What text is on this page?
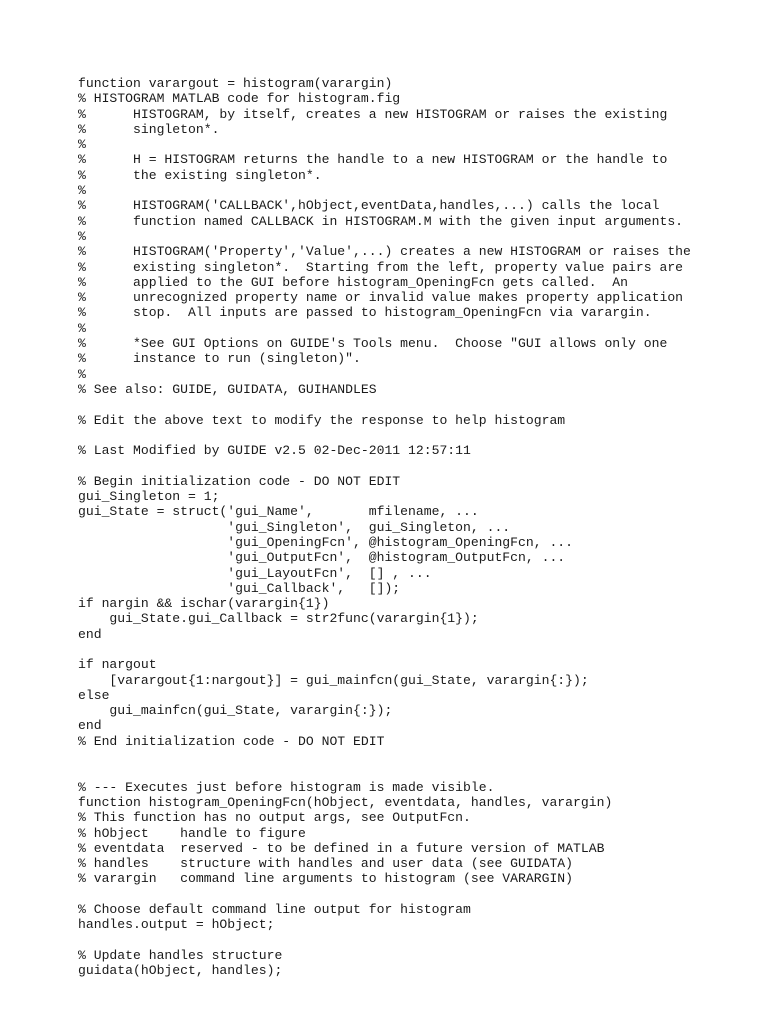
function varargout = histogram(varargin)
% HISTOGRAM MATLAB code for histogram.fig
%      HISTOGRAM, by itself, creates a new HISTOGRAM or raises the existing
%      singleton*.
%
%      H = HISTOGRAM returns the handle to a new HISTOGRAM or the handle to
%      the existing singleton*.
%
%      HISTOGRAM('CALLBACK',hObject,eventData,handles,...) calls the local
%      function named CALLBACK in HISTOGRAM.M with the given input arguments.
%
%      HISTOGRAM('Property','Value',...) creates a new HISTOGRAM or raises the
%      existing singleton*.  Starting from the left, property value pairs are
%      applied to the GUI before histogram_OpeningFcn gets called.  An
%      unrecognized property name or invalid value makes property application
%      stop.  All inputs are passed to histogram_OpeningFcn via varargin.
%
%      *See GUI Options on GUIDE's Tools menu.  Choose "GUI allows only one
%      instance to run (singleton)".
%
% See also: GUIDE, GUIDATA, GUIHANDLES
% Edit the above text to modify the response to help histogram
% Last Modified by GUIDE v2.5 02-Dec-2011 12:57:11
% Begin initialization code - DO NOT EDIT
gui_Singleton = 1;
gui_State = struct('gui_Name',       mfilename, ...
'gui_Singleton',  gui_Singleton, ...
'gui_OpeningFcn', @histogram_OpeningFcn, ...
'gui_OutputFcn',  @histogram_OutputFcn, ...
'gui_LayoutFcn',  [] , ...
'gui_Callback',   []);
if nargin && ischar(varargin{1})
gui_State.gui_Callback = str2func(varargin{1});
end
if nargout
[varargout{1:nargout}] = gui_mainfcn(gui_State, varargin{:});
else
gui_mainfcn(gui_State, varargin{:});
end
% End initialization code - DO NOT EDIT
% --- Executes just before histogram is made visible.
function histogram_OpeningFcn(hObject, eventdata, handles, varargin)
% This function has no output args, see OutputFcn.
% hObject    handle to figure
% eventdata  reserved - to be defined in a future version of MATLAB
% handles    structure with handles and user data (see GUIDATA)
% varargin   command line arguments to histogram (see VARARGIN)
% Choose default command line output for histogram
handles.output = hObject;
% Update handles structure
guidata(hObject, handles);
